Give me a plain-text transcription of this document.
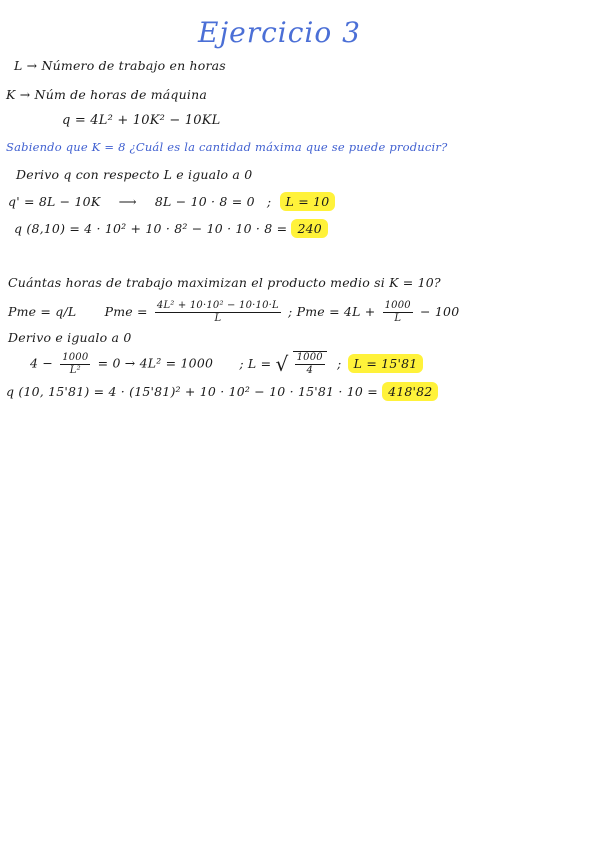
Ejercicio 3
L → Número de trabajo en horas
K → Núm de horas de máquina
q = 4L² + 10K² − 10KL
Sabiendo que K = 8 ¿Cuál es la cantidad máxima que se puede producir?
Derivo q con respecto L e igualo a 0
q' = 8L − 10K ⟶ 8L − 10 · 8 = 0 ; L = 10
q (8,10) = 4 · 10² + 10 · 8² − 10 · 10 · 8 = 240
Cuántas horas de trabajo maximizan el producto medio si K = 10?
Pme = q/L Pme = $\frac{\text{4L² + 10·10² − 10·10·L}}{L}$ ; Pme = $4L + \frac{1000}{L} - 100$
Derivo e igualo a 0
$4 - \frac{1000}{\text{L²}} = 0 \to 4L^2 = 1000$ ; L = √ $\frac{1000}{4}$ ; L = 15'81
q (10, 15'81) = 4 · (15'81)² + 10 · 10² − 10 · 15'81 · 10 = 418'82
